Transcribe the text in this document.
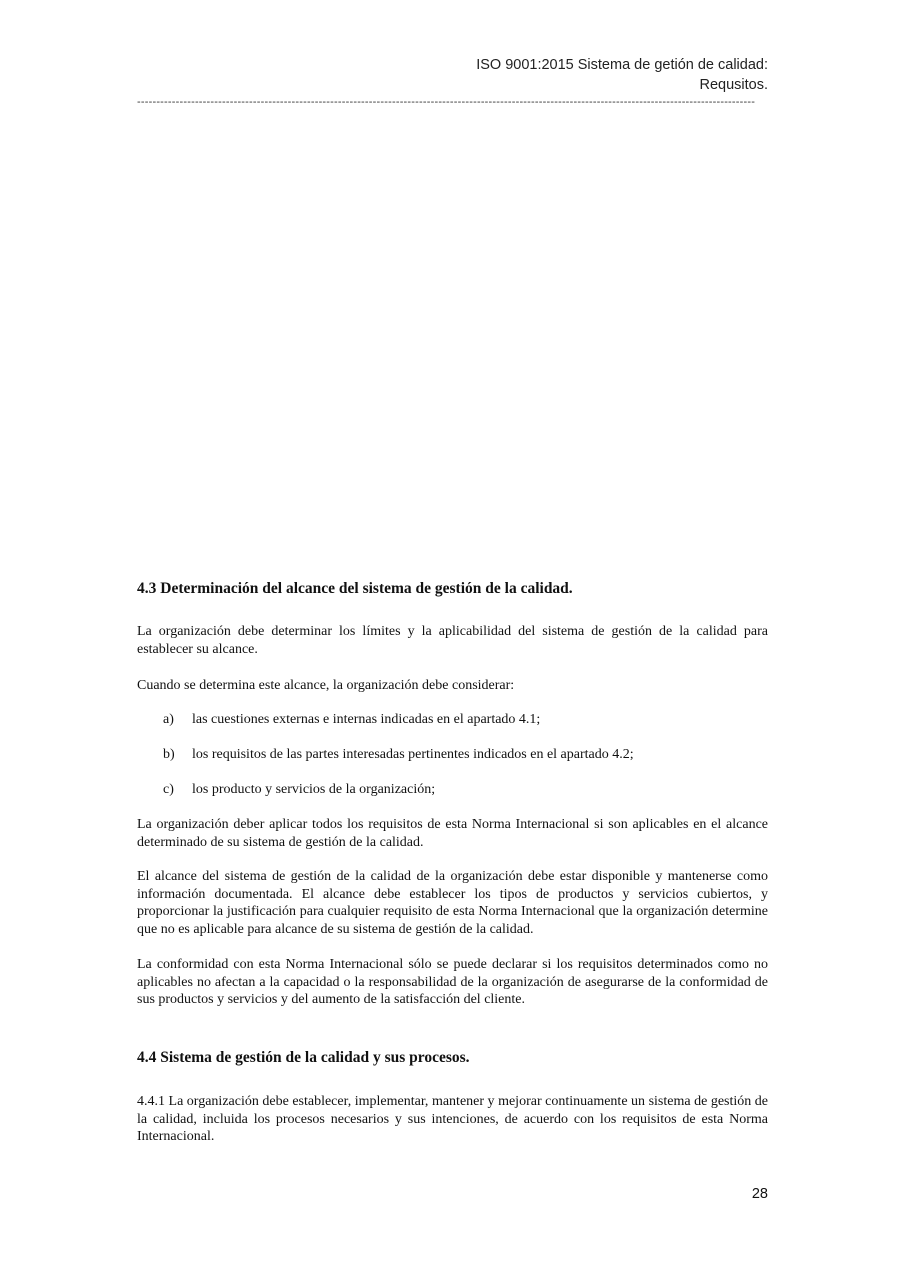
ISO 9001:2015 Sistema de getión de calidad:
Requsitos.
----------------------------------------------------------------------------------------------------------------------------------------------------------------
4.3 Determinación del alcance del sistema de gestión de la calidad.
La organización debe determinar los límites y la aplicabilidad del sistema de gestión de la calidad para establecer su alcance.
Cuando se determina este alcance, la organización debe considerar:
a) las cuestiones externas e internas indicadas en el apartado 4.1;
b) los requisitos de las partes interesadas pertinentes indicados en el apartado 4.2;
c) los producto y servicios de la organización;
La organización deber aplicar todos los requisitos de esta Norma Internacional si son aplicables en el alcance determinado de su sistema de gestión de la calidad.
El alcance del sistema de gestión de la calidad de la organización debe estar disponible y mantenerse como información documentada. El alcance debe establecer los tipos de productos y servicios cubiertos, y proporcionar la justificación para cualquier requisito de esta Norma Internacional que la organización determine que no es aplicable para alcance de su sistema de gestión de la calidad.
La conformidad con esta Norma Internacional sólo se puede declarar si los requisitos determinados como no aplicables no afectan a la capacidad o la responsabilidad de la organización de asegurarse de la conformidad de sus productos y servicios y del aumento de la satisfacción del cliente.
4.4 Sistema de gestión de la calidad y sus procesos.
4.4.1 La organización debe establecer, implementar, mantener y mejorar continuamente un sistema de gestión de la calidad, incluida los procesos necesarios y sus intenciones, de acuerdo con los requisitos de esta Norma Internacional.
28
